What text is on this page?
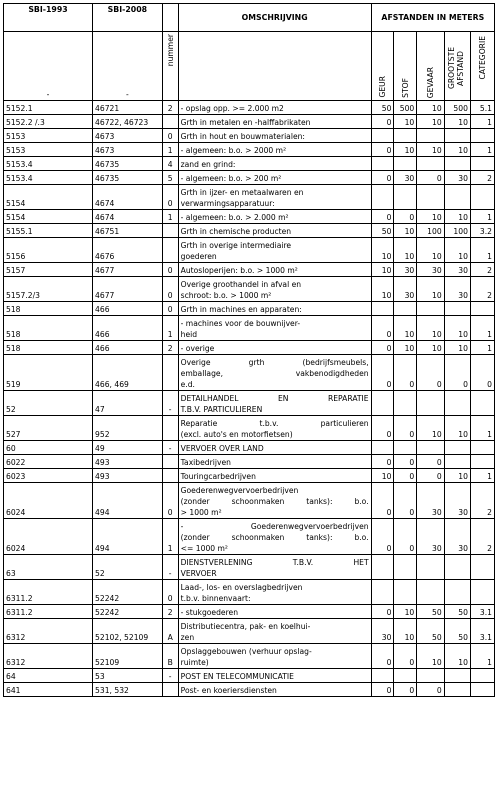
SBI-1993	SBI-2008		OMSCHRIJVING	AFSTANDEN IN METERS				
-	-	nummer		GEUR	STOF	GEVAAR	GROOTSTE AFSTAND	CATEGORIE

5152.1	46721	2	- opslag opp. >= 2.000 m2	50	500	10	500	5.1
5152.2 /.3	46722, 46723		Grth in metalen en -halffabrikaten	0	10	10	10	1
5153	4673	0	Grth in hout en bouwmaterialen:					

5153	4673	1	- algemeen: b.o. > 2000 m²	0	10	10	10	1
5153.4	46735	4	zand en grind:					

5153.4	46735	5	- algemeen: b.o. > 200 m²	0	30	0	30	2
5154	4674	0	Grth in ijzer- en metaalwaren en
verwarmingsapparatuur:					

5154	4674	1	- algemeen: b.o. > 2.000 m²	0	0	10	10	1
5155.1	46751		Grth in chemische producten	50	10	100	100	3.2
5156	4676		Grth in overige intermediaire
goederen	10	10	10	10	1
5157	4677	0	Autosloperijen: b.o. > 1000 m²	10	30	30	30	2
5157.2/3	4677	0	Overige groothandel in afval en
schroot: b.o. > 1000 m²	10	30	10	30	2
518	466	0	Grth in machines en apparaten:					

518	466	1	- machines voor de bouwnijver-
heid	0	10	10	10	1
518	466	2	- overige	0	10	10	10	1
519	466, 469		Overige grth (bedrijfsmeubels,
emballage, vakbenodigdheden
e.d.	0	0	0	0	0
52	47	-	DETAILHANDEL EN REPARATIE
T.B.V. PARTICULIEREN					

527	952		Reparatie t.b.v. particulieren
(excl. auto's en motorfietsen)	0	0	10	10	1
60	49	-	VERVOER OVER LAND					

6022	493		Taxibedrijven	0	0	0		
6023	493		Touringcarbedrijven	10	0	0	10	1
6024	494	0	Goederenwegvervoerbedrijven
(zonder schoonmaken tanks): b.o.
> 1000 m²	0	0	30	30	2
6024	494	1	- Goederenwegvervoerbedrijven
(zonder schoonmaken tanks): b.o.
<= 1000 m²	0	0	30	30	2
63	52	-	DIENSTVERLENING T.B.V. HET
VERVOER					

6311.2	52242	0	Laad-, los- en overslagbedrijven
t.b.v. binnenvaart:					

6311.2	52242	2	- stukgoederen	0	10	50	50	3.1
6312	52102, 52109	A	Distributiecentra, pak- en koelhui-
zen	30	10	50	50	3.1
6312	52109	B	Opslaggebouwen (verhuur opslag-
ruimte)	0	0	10	10	1
64	53	-	POST EN TELECOMMUNICATIE					

641	531, 532		Post- en koeriersdiensten	0	0	0		
